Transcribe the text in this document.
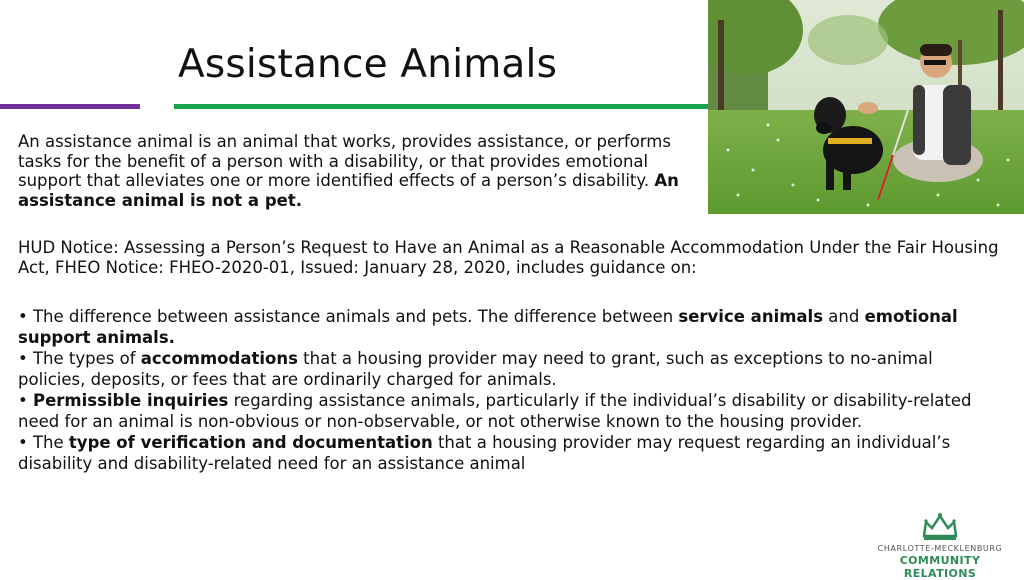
Assistance Animals
An assistance animal is an animal that works, provides assistance, or performs tasks for the benefit of a person with a disability, or that provides emotional support that alleviates one or more identified effects of a person’s disability. An assistance animal is not a pet.
HUD Notice: Assessing a Person’s Request to Have an Animal as a Reasonable Accommodation Under the Fair Housing Act, FHEO Notice: FHEO-2020-01, Issued: January 28, 2020, includes guidance on:
• The difference between assistance animals and pets. The difference between service animals and emotional support animals.
• The types of accommodations that a housing provider may need to grant, such as exceptions to no-animal policies, deposits, or fees that are ordinarily charged for animals.
• Permissible inquiries regarding assistance animals, particularly if the individual’s disability or disability-related need for an animal is non-obvious or non-observable, or not otherwise known to the housing provider.
• The type of verification and documentation that a housing provider may request regarding an individual’s disability and disability-related need for an assistance animal
CHARLOTTE-MECKLENBURG
COMMUNITY RELATIONS
